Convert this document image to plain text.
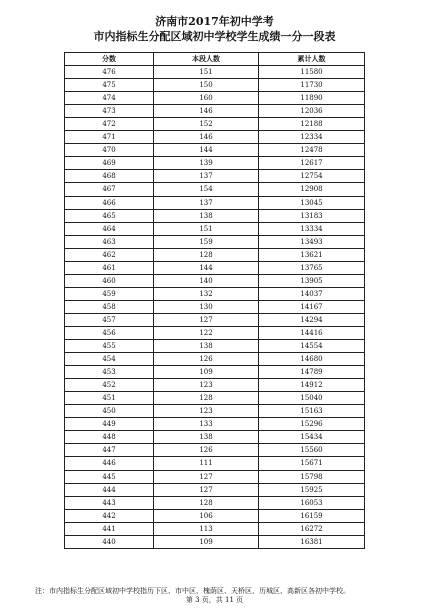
济南市2017年初中学考
市内指标生分配区域初中学校学生成绩一分一段表
分数	本段人数	累计人数
476	151	11580
475	150	11730
474	160	11890
473	146	12036
472	152	12188
471	146	12334
470	144	12478
469	139	12617
468	137	12754
467	154	12908
466	137	13045
465	138	13183
464	151	13334
463	159	13493
462	128	13621
461	144	13765
460	140	13905
459	132	14037
458	130	14167
457	127	14294
456	122	14416
455	138	14554
454	126	14680
453	109	14789
452	123	14912
451	128	15040
450	123	15163
449	133	15296
448	138	15434
447	126	15560
446	111	15671
445	127	15798
444	127	15925
443	128	16053
442	106	16159
441	113	16272
440	109	16381
注：市内指标生分配区域初中学校指历下区、市中区、槐荫区、天桥区、历城区、高新区各初中学校。
第 3 页，共 11 页
